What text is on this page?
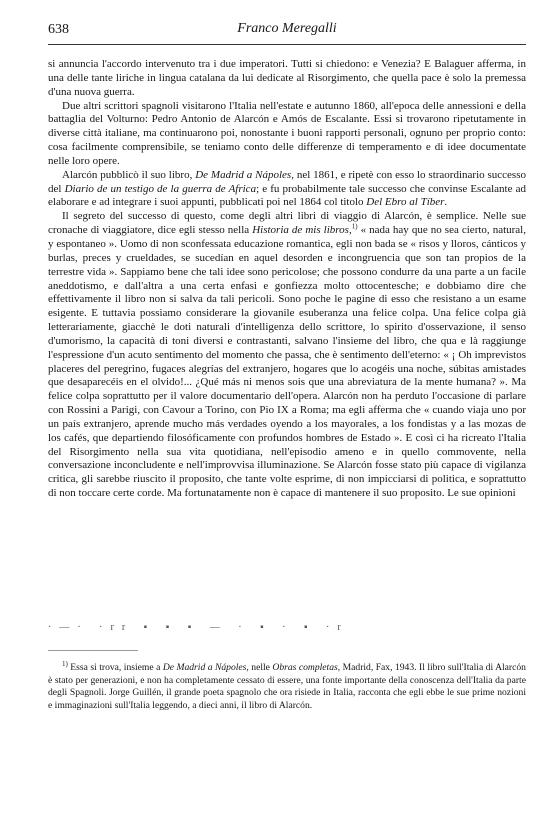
638	Franco Meregalli

si annuncia l'accordo intervenuto tra i due imperatori. Tutti si chiedono: e Venezia? E Balaguer afferma, in una delle tante liriche in lingua catalana da lui dedicate al Risorgimento, che quella pace è solo la premessa d'una nuova guerra.

Due altri scrittori spagnoli visitarono l'Italia nell'estate e autunno 1860, all'epoca delle annessioni e della battaglia del Volturno: Pedro Antonio de Alarcón e Amós de Escalante. Essi si trovarono ripetutamente in diverse città italiane, ma continuarono poi, nonostante i buoni rapporti personali, ognuno per proprio conto: cosa facilmente comprensibile, se teniamo conto delle differenze di temperamento e di idee documentate nelle loro opere.

Alarcón pubblicò il suo libro, De Madrid a Nápoles, nel 1861, e ripetè con esso lo straordinario successo del Diario de un testigo de la guerra de Africa; e fu probabilmente tale successo che convinse Escalante ad elaborare e ad integrare i suoi appunti, pubblicati poi nel 1864 col titolo Del Ebro al Tíber.

Il segreto del successo di questo, come degli altri libri di viaggio di Alarcón, è semplice. Nelle sue cronache di viaggiatore, dice egli stesso nella Historia de mis libros,$^{1)}$ « nada hay que no sea cierto, natural, y espontaneo ». Uomo di non sconfessata educazione romantica, egli non bada se « risos y lloros, cánticos y burlas, preces y crueldades, se sucedían en aquel desorden e incongruencia que son tan propios de la terrestre vida ». Sappiamo bene che tali idee sono pericolose; che possono condurre da una parte a un facile aneddotismo, e dall'altra a una certa enfasi e gonfiezza molto ottocentesche; e dobbiamo dire che effettivamente il libro non si salva da tali pericoli. Sono poche le pagine di esso che resistano a un esame esigente. E tuttavia possiamo considerare la giovanile esuberanza una felice colpa. Una felice colpa già letterariamente, giacchè le doti naturali d'intelligenza dello scrittore, lo spirito d'osservazione, il senso d'umorismo, la capacità di toni diversi e contrastanti, salvano l'insieme del libro, che qua e là raggiunge l'espressione d'un acuto sentimento del momento che passa, che è sentimento dell'eterno: « ¡ Oh imprevistos placeres del peregrino, fugaces alegrías del extranjero, hogares que lo acogéis una noche, súbitas amistades que desaparecéis en el olvido!... ¿Qué más ni menos sois que una abreviatura de la mente humana? ». Ma felice colpa soprattutto per il valore documentario dell'opera. Alarcón non ha perduto l'occasione di parlare con Rossini a Parigi, con Cavour a Torino, con Pio IX a Roma; ma egli afferma che « cuando viaja uno por un país extranjero, aprende mucho más verdades oyendo a los mayorales, a los fondistas y a las mozas de los cafés, que departiendo filosóficamente con profundos hombres de Estado ». E così ci ha ricreato l'Italia del Risorgimento nella sua vita quotidiana, nell'episodio ameno e in quello commovente, nella conversazione inconcludente e nell'improvvisa illuminazione. Se Alarcón fosse stato più capace di vigilanza critica, gli sarebbe riuscito il proposito, che tante volte esprime, di non impicciarsi di politica, e soprattutto di non toccare certe corde. Ma fortunatamente non è capace di mantenere il suo proposito. Le sue opinioni

·—· ·rr ▪ ▪ ▪ — · ▪ · ▪ ·r

$^{1)}$ Essa si trova, insieme a De Madrid a Nápoles, nelle Obras completas, Madrid, Fax, 1943. Il libro sull'Italia di Alarcón è stato per generazioni, e non ha completamente cessato di essere, una fonte importante della conoscenza dell'Italia da parte degli Spagnoli. Jorge Guillén, il grande poeta spagnolo che ora risiede in Italia, racconta che egli ebbe le sue prime nozioni e immaginazioni sull'Italia leggendo, a dieci anni, il libro di Alarcón.
